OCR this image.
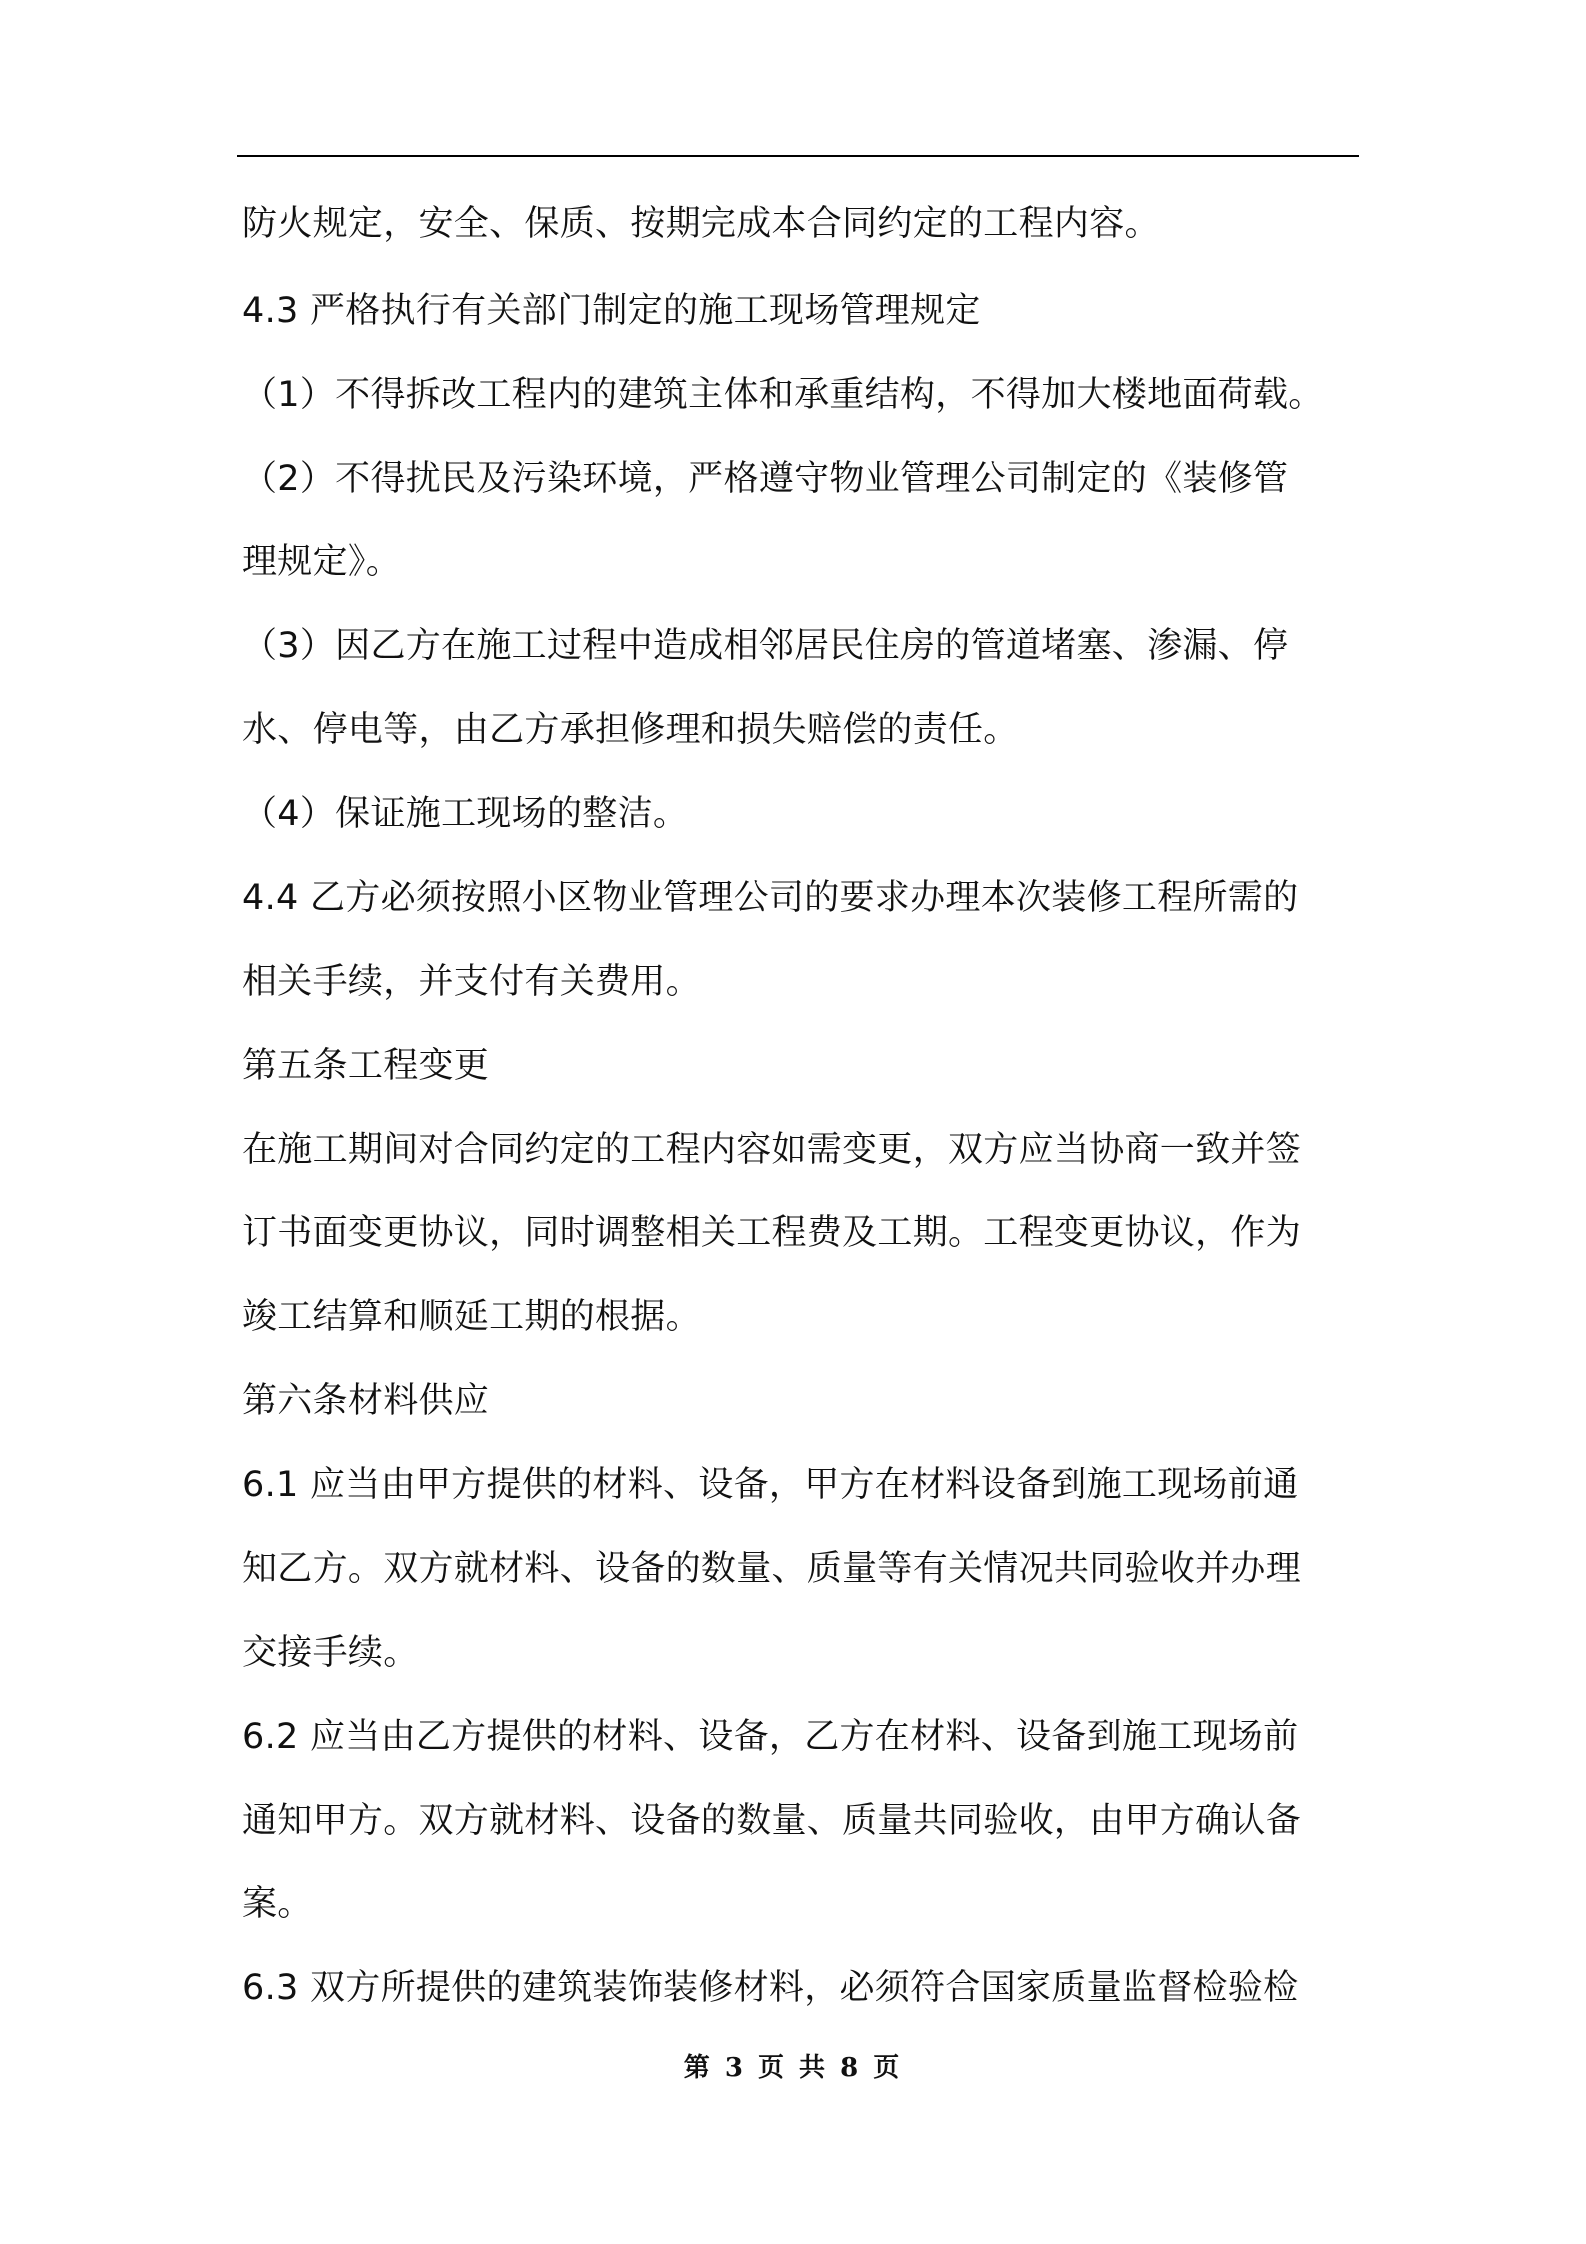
防火规定，安全、保质、按期完成本合同约定的工程内容。
4.3 严格执行有关部门制定的施工现场管理规定
（1）不得拆改工程内的建筑主体和承重结构，不得加大楼地面荷载。
（2）不得扰民及污染环境，严格遵守物业管理公司制定的《装修管
理规定》。
（3）因乙方在施工过程中造成相邻居民住房的管道堵塞、渗漏、停
水、停电等，由乙方承担修理和损失赔偿的责任。
（4）保证施工现场的整洁。
4.4 乙方必须按照小区物业管理公司的要求办理本次装修工程所需的
相关手续，并支付有关费用。
第五条工程变更
在施工期间对合同约定的工程内容如需变更，双方应当协商一致并签
订书面变更协议，同时调整相关工程费及工期。工程变更协议，作为
竣工结算和顺延工期的根据。
第六条材料供应
6.1 应当由甲方提供的材料、设备，甲方在材料设备到施工现场前通
知乙方。双方就材料、设备的数量、质量等有关情况共同验收并办理
交接手续。
6.2 应当由乙方提供的材料、设备，乙方在材料、设备到施工现场前
通知甲方。双方就材料、设备的数量、质量共同验收，由甲方确认备
案。
6.3 双方所提供的建筑装饰装修材料，必须符合国家质量监督检验检
第 3 页 共 8 页
